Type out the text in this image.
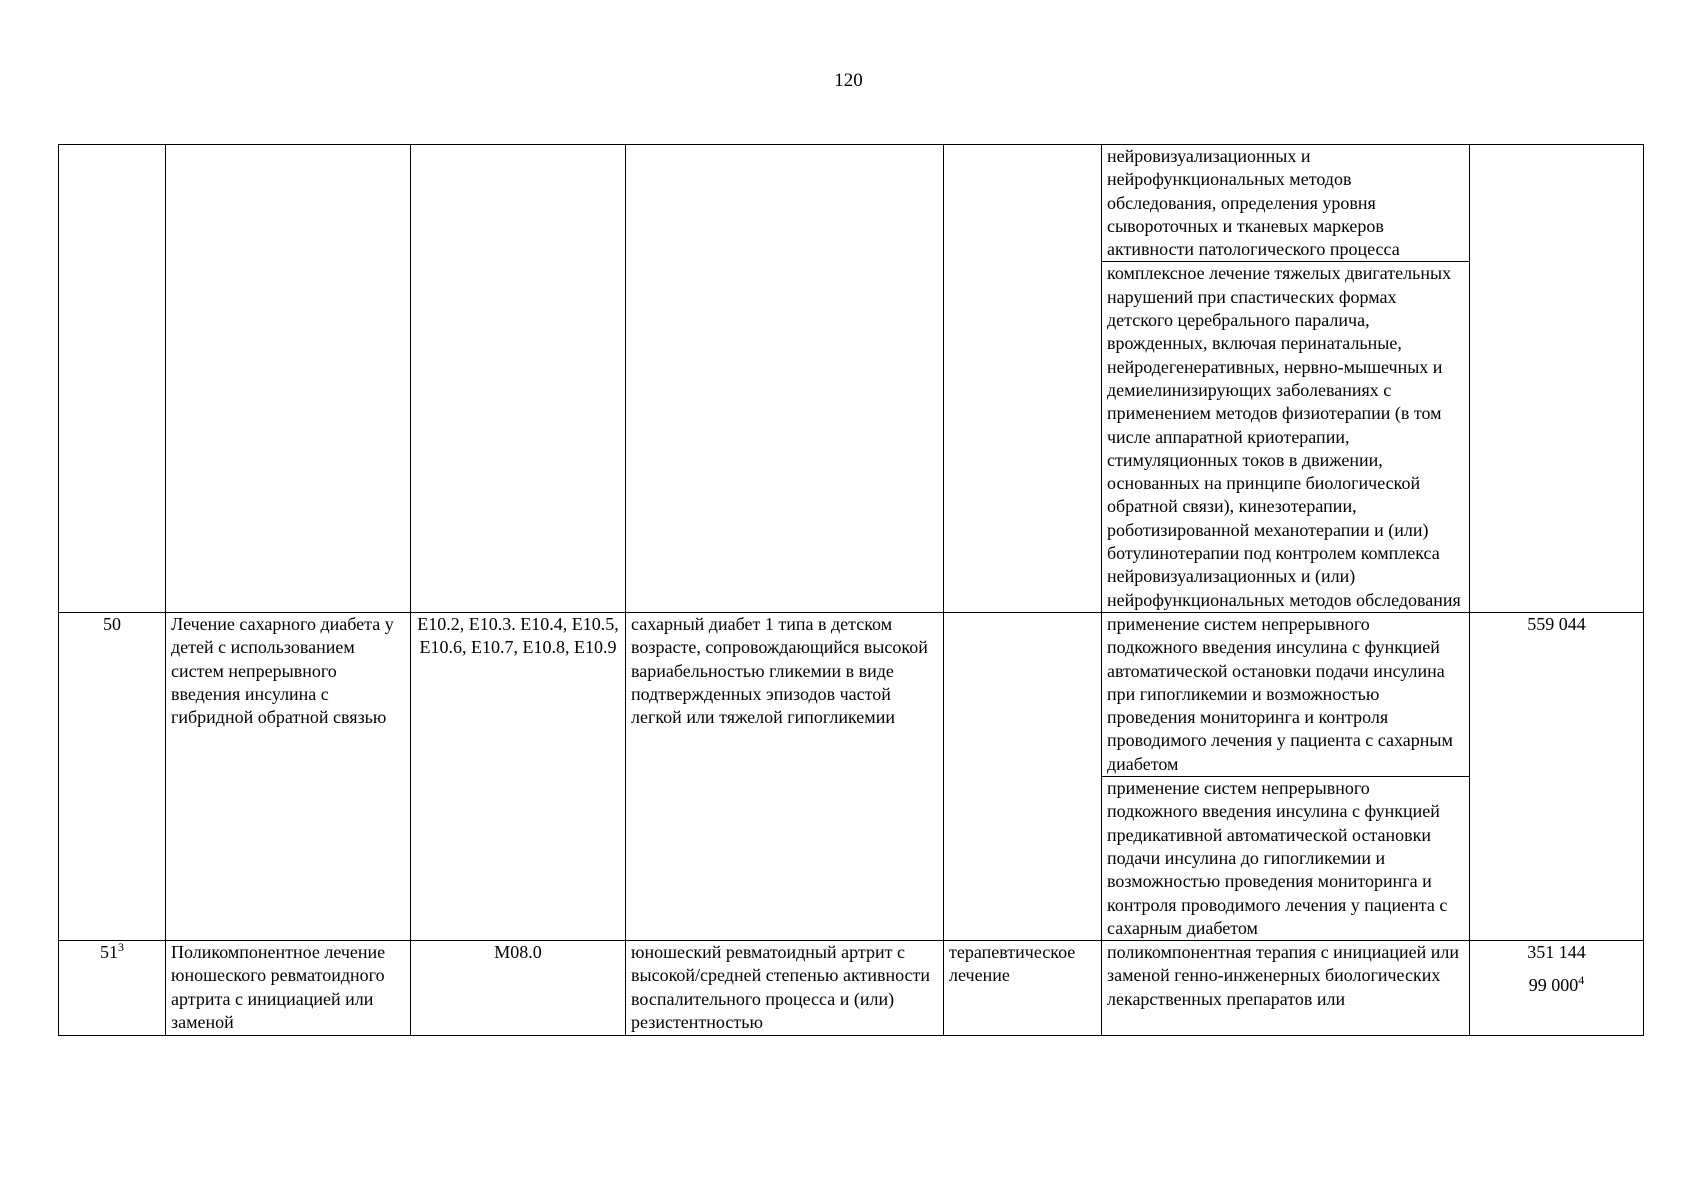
120
					нейровизуализационных и нейрофункциональных методов обследования, определения уровня сывороточных и тканевых маркеров активности патологического процесса	
					комплексное лечение тяжелых двигательных нарушений при спастических формах детского церебрального паралича, врожденных, включая перинатальные, нейродегенеративных, нервно-мышечных и демиелинизирующих заболеваниях с применением методов физиотерапии (в том числе аппаратной криотерапии, стимуляционных токов в движении, основанных на принципе биологической обратной связи), кинезотерапии, роботизированной механотерапии и (или) ботулинотерапии под контролем комплекса нейровизуализационных и (или) нейрофункциональных методов обследования	
50	Лечение сахарного диабета у детей с использованием систем непрерывного введения инсулина с гибридной обратной связью	E10.2, E10.3. E10.4, E10.5, E10.6, E10.7, E10.8, E10.9	сахарный диабет 1 типа в детском возрасте, сопровождающийся высокой вариабельностью гликемии в виде подтвержденных эпизодов частой легкой или тяжелой гипогликемии		применение систем непрерывного подкожного введения инсулина с функцией автоматической остановки подачи инсулина при гипогликемии и возможностью проведения мониторинга и контроля проводимого лечения у пациента с сахарным диабетом	559 044
					применение систем непрерывного подкожного введения инсулина с функцией предикативной автоматической остановки подачи инсулина до гипогликемии и возможностью проведения мониторинга и контроля проводимого лечения у пациента с сахарным диабетом	
$51^3$	Поликомпонентное лечение юношеского ревматоидного артрита с инициацией или заменой	M08.0	юношеский ревматоидный артрит с высокой/средней степенью активности воспалительного процесса и (или) резистентностью	терапевтическое лечение	поликомпонентная терапия с инициацией или заменой генно-инженерных биологических лекарственных препаратов или	351 144
99 $000^4$
